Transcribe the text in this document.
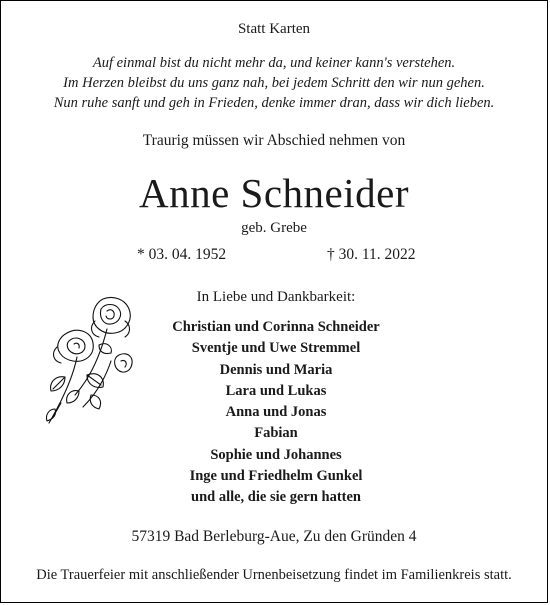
Statt Karten
Auf einmal bist du nicht mehr da, und keiner kann's verstehen.
Im Herzen bleibst du uns ganz nah, bei jedem Schritt den wir nun gehen.
Nun ruhe sanft und geh in Frieden, denke immer dran, dass wir dich lieben.
Traurig müssen wir Abschied nehmen von
Anne Schneider
geb. Grebe
* 03. 04. 1952	† 30. 11. 2022
In Liebe und Dankbarkeit:
Christian und Corinna Schneider
Sventje und Uwe Stremmel
Dennis und Maria
Lara und Lukas
Anna und Jonas
Fabian
Sophie und Johannes
Inge und Friedhelm Gunkel
und alle, die sie gern hatten
57319 Bad Berleburg-Aue, Zu den Gründen 4
Die Trauerfeier mit anschließender Urnenbeisetzung findet im Familienkreis statt.
